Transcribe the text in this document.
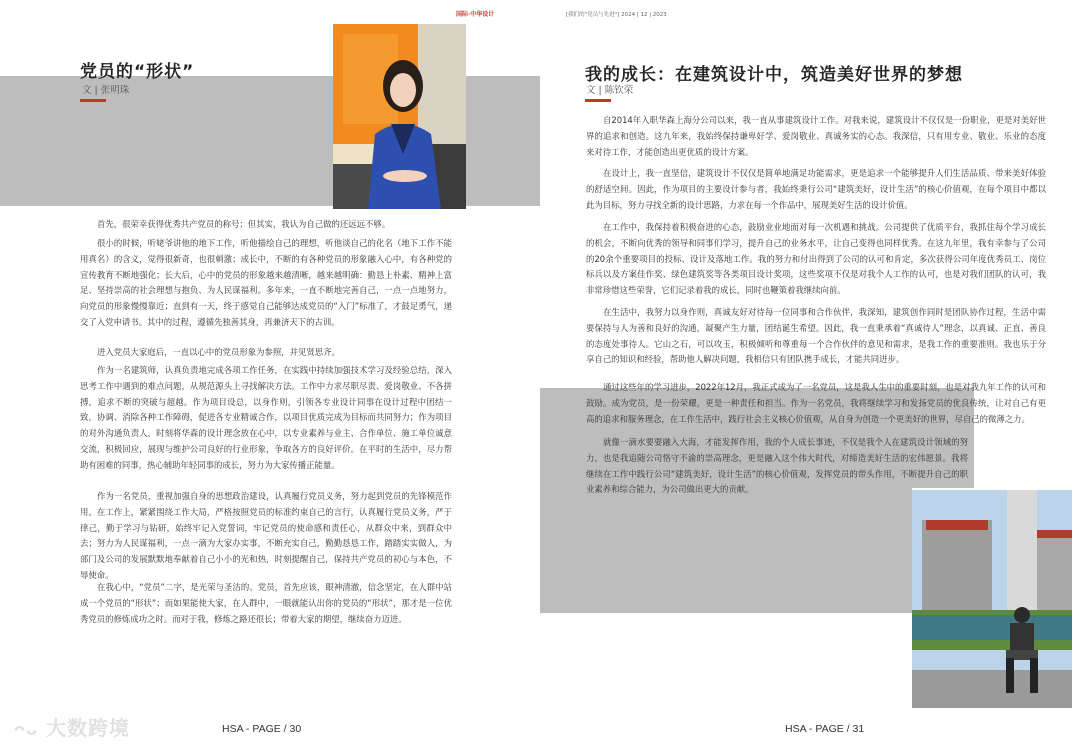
国际·中华设计	[我们的"党员与先进"] 2024 | 12 | 2023
党员的“形状”
文 | 张明珠

首先，很荣幸获得优秀共产党员的称号；但其实，我认为自己做的还远远不够。

很小的时候，听姥爷讲他的地下工作，听他描绘自己的理想，听他谈自己的化名（地下工作不能用真名）的含义，觉得很新奇，也很刺激；成长中，不断的有各种党员的形象融入心中，有各种党的宣传教育不断地强化；长大后，心中的党员的形象越来越清晰，越来越明确：勤恳上朴素、精神上富足、坚持崇高的社会理想与抱负、为人民谋福利。多年来，一直不断地完善自己，一点一点地努力，向党员的形象慢慢靠近；直到有一天，终于感觉自己能够达成党员的“入门”标准了，才鼓足勇气，递交了入党申请书。其中的过程，遵循先独善其身，再兼济天下的古训。

进入党员大家庭后，一直以心中的党员形象为参照，并见贤思齐。

作为一名建筑师，认真负责地完成各项工作任务，在实践中持续加强技术学习及经验总结，深入思考工作中遇到的难点问题，从规范源头上寻找解决方法。工作中力求尽职尽责、爱岗敬业、不各拼搏，追求不断的突破与超越。作为项目设总，以身作则，引领各专业设计同事在设计过程中团结一致，协调、消除各种工作障碍，促进各专业精诚合作，以项目优质完成为目标而共同努力；作为项目的对外沟通负责人，时刻将华森的设计理念放在心中，以专业素养与业主、合作单位、施工单位诚意交流，积极回应，展现与维护公司良好的行业形象，争取各方的良好评价。在平时的生活中，尽力帮助有困难的同事，热心辅助年轻同事的成长，努力为大家传播正能量。

作为一名党员，重视加强自身的思想政治建设，认真履行党员义务，努力起到党员的先锋模范作用。在工作上，紧紧围绕工作大局，严格按照党员的标准约束自己的言行，认真履行党员义务，严于律己，勤于学习与钻研，始终牢记入党誓词，牢记党员的使命感和责任心，从群众中来，到群众中去；努力为人民谋福利，一点一滴为大家办实事，不断充实自己，勤勤恳恳工作，踏踏实实做人，为部门及公司的发展默默地奉献着自己小小的光和热，时刻提醒自己，保持共产党员的初心与本色，不辱使命。

在我心中，“党员”二字，是光荣与圣洁的。党员，首先应该，眼神清澈，信念坚定，在人群中站成一个党员的“形状”；而如果能使大家，在人群中，一眼就能认出你的党员的“形状”，那才是一位优秀党员的修炼成功之时。而对于我，修炼之路还很长；带着大家的期望，继续奋力迈进。

HSA - PAGE / 30
ᴖᴗ 大数跨境
我的成长：在建筑设计中，筑造美好世界的梦想
文 | 陈钦荣

自2014年入职华森上海分公司以来，我一直从事建筑设计工作。对我来说，建筑设计不仅仅是一份职业，更是对美好世界的追求和创造。这九年来，我始终保持谦卑好学、爱岗敬业、真诚务实的心态。我深信，只有用专业、敬业、乐业的态度来对待工作，才能创造出更优质的设计方案。

在设计上，我一直坚信，建筑设计不仅仅是简单地满足功能需求，更是追求一个能够提升人们生活品质、带来美好体验的舒适空间。因此，作为项目的主要设计参与者，我始终秉行公司“建筑美好，设计生活”的核心价值观，在每个项目中都以此为目标，努力寻找全新的设计思路，力求在每一个作品中，展现美好生活的设计价值。

在工作中，我保持着积极奋进的心态，鼓励业业地面对每一次机遇和挑战。公司提供了优质平台，我抓住每个学习成长的机会，不断向优秀的领导和同事们学习，提升自己的业务水平，让自己变得也同样优秀。在这九年里，我有幸参与了公司的20余个重要项目的投标、设计及落地工作。我的努力和付出得到了公司的认可和肯定，多次获得公司年度优秀员工、岗位标兵以及方案佳作奖、绿色建筑奖等各类项目设计奖项，这些奖项不仅是对我个人工作的认可，也是对我们团队的认可，我非常珍惜这些荣誉，它们记录着我的成长，同时也鞭策着我继续向前。

在生活中，我努力以身作则，真诚友好对待每一位同事和合作伙伴，我深知，建筑创作同时是团队协作过程，生活中需要保持与人为善和良好的沟通，凝聚产生力量，团结诞生希望。因此，我一直秉承着“真诚待人”理念，以真诚、正直、善良的态度处事待人。它山之石，可以攻玉，积极倾听和尊重每一个合作伙伴的意见和需求，是我工作的重要准则。我也乐于分享自己的知识和经验，帮助他人解决问题，我相信只有团队携手成长，才能共同进步。

通过这些年的学习进步，2022年12月，我正式成为了一名党员，这是我人生中的重要时刻，也是对我九年工作的认可和鼓励。成为党员，是一份荣耀，更是一种责任和担当。作为一名党员，我将继续学习和发扬党员的优良传统，让对自己有更高的追求和服务理念，在工作生活中，践行社会主义核心价值观，从自身为创造一个更美好的世界，尽自己的微薄之力。

就像一滴水要要融入大海，才能发挥作用，我的个人成长事迹，不仅是我个人在建筑设计领域的努力，也是我追随公司恪守不渝的崇高理念，更是融入这个伟大时代，对缔造美好生活的宏伟愿景。我将继续在工作中践行公司“建筑美好，设计生活”的核心价值观，发挥党员的带头作用，不断提升自己的职业素养和综合能力，为公司做出更大的贡献。

HSA - PAGE / 31
